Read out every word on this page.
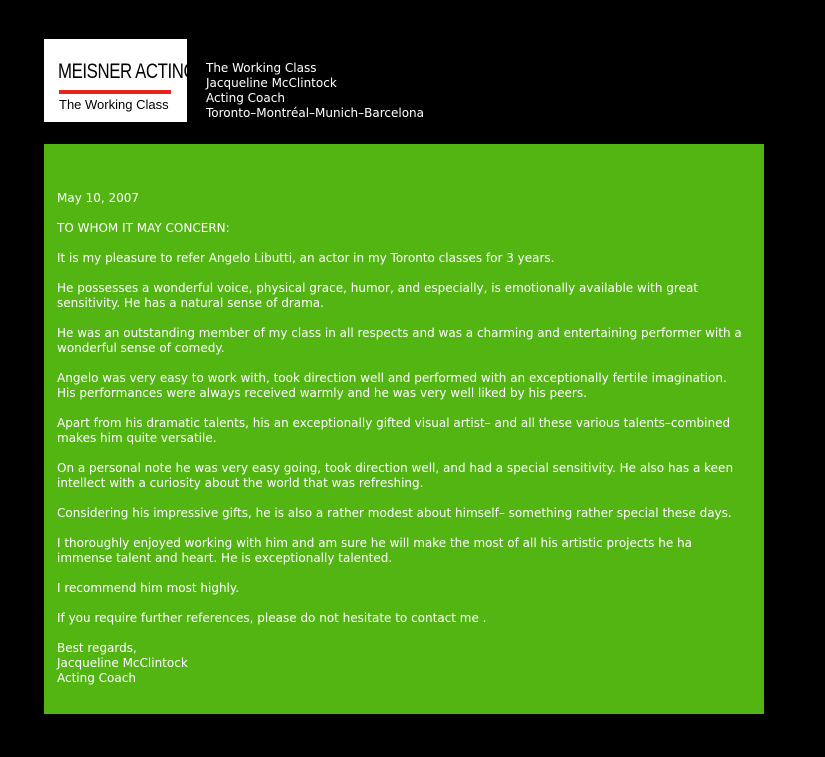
MEISNER ACTING
The Working Class
The Working Class
Jacqueline McClintock
Acting Coach
Toronto–Montréal–Munich–Barcelona

May 10, 2007

TO WHOM IT MAY CONCERN:

It is my pleasure to refer Angelo Libutti, an actor in my Toronto classes for 3 years.

He possesses a wonderful voice, physical grace, humor, and especially, is emotionally available with great sensitivity. He has a natural sense of drama.

He was an outstanding member of my class in all respects and was a charming and entertaining performer with a wonderful sense of comedy.

Angelo was very easy to work with, took direction well and performed with an exceptionally fertile imagination. His performances were always received warmly and he was very well liked by his peers.

Apart from his dramatic talents, his an exceptionally gifted visual artist– and all these various talents–combined makes him quite versatile.

On a personal note he was very easy going, took direction well, and had a special sensitivity. He also has a keen intellect with a curiosity about the world that was refreshing.

Considering his impressive gifts, he is also a rather modest about himself– something rather special these days.

I thoroughly enjoyed working with him and am sure he will make the most of all his artistic projects he ha immense talent and heart. He is exceptionally talented.

I recommend him most highly.

If you require further references, please do not hesitate to contact me .

Best regards,
Jacqueline McClintock
Acting Coach
